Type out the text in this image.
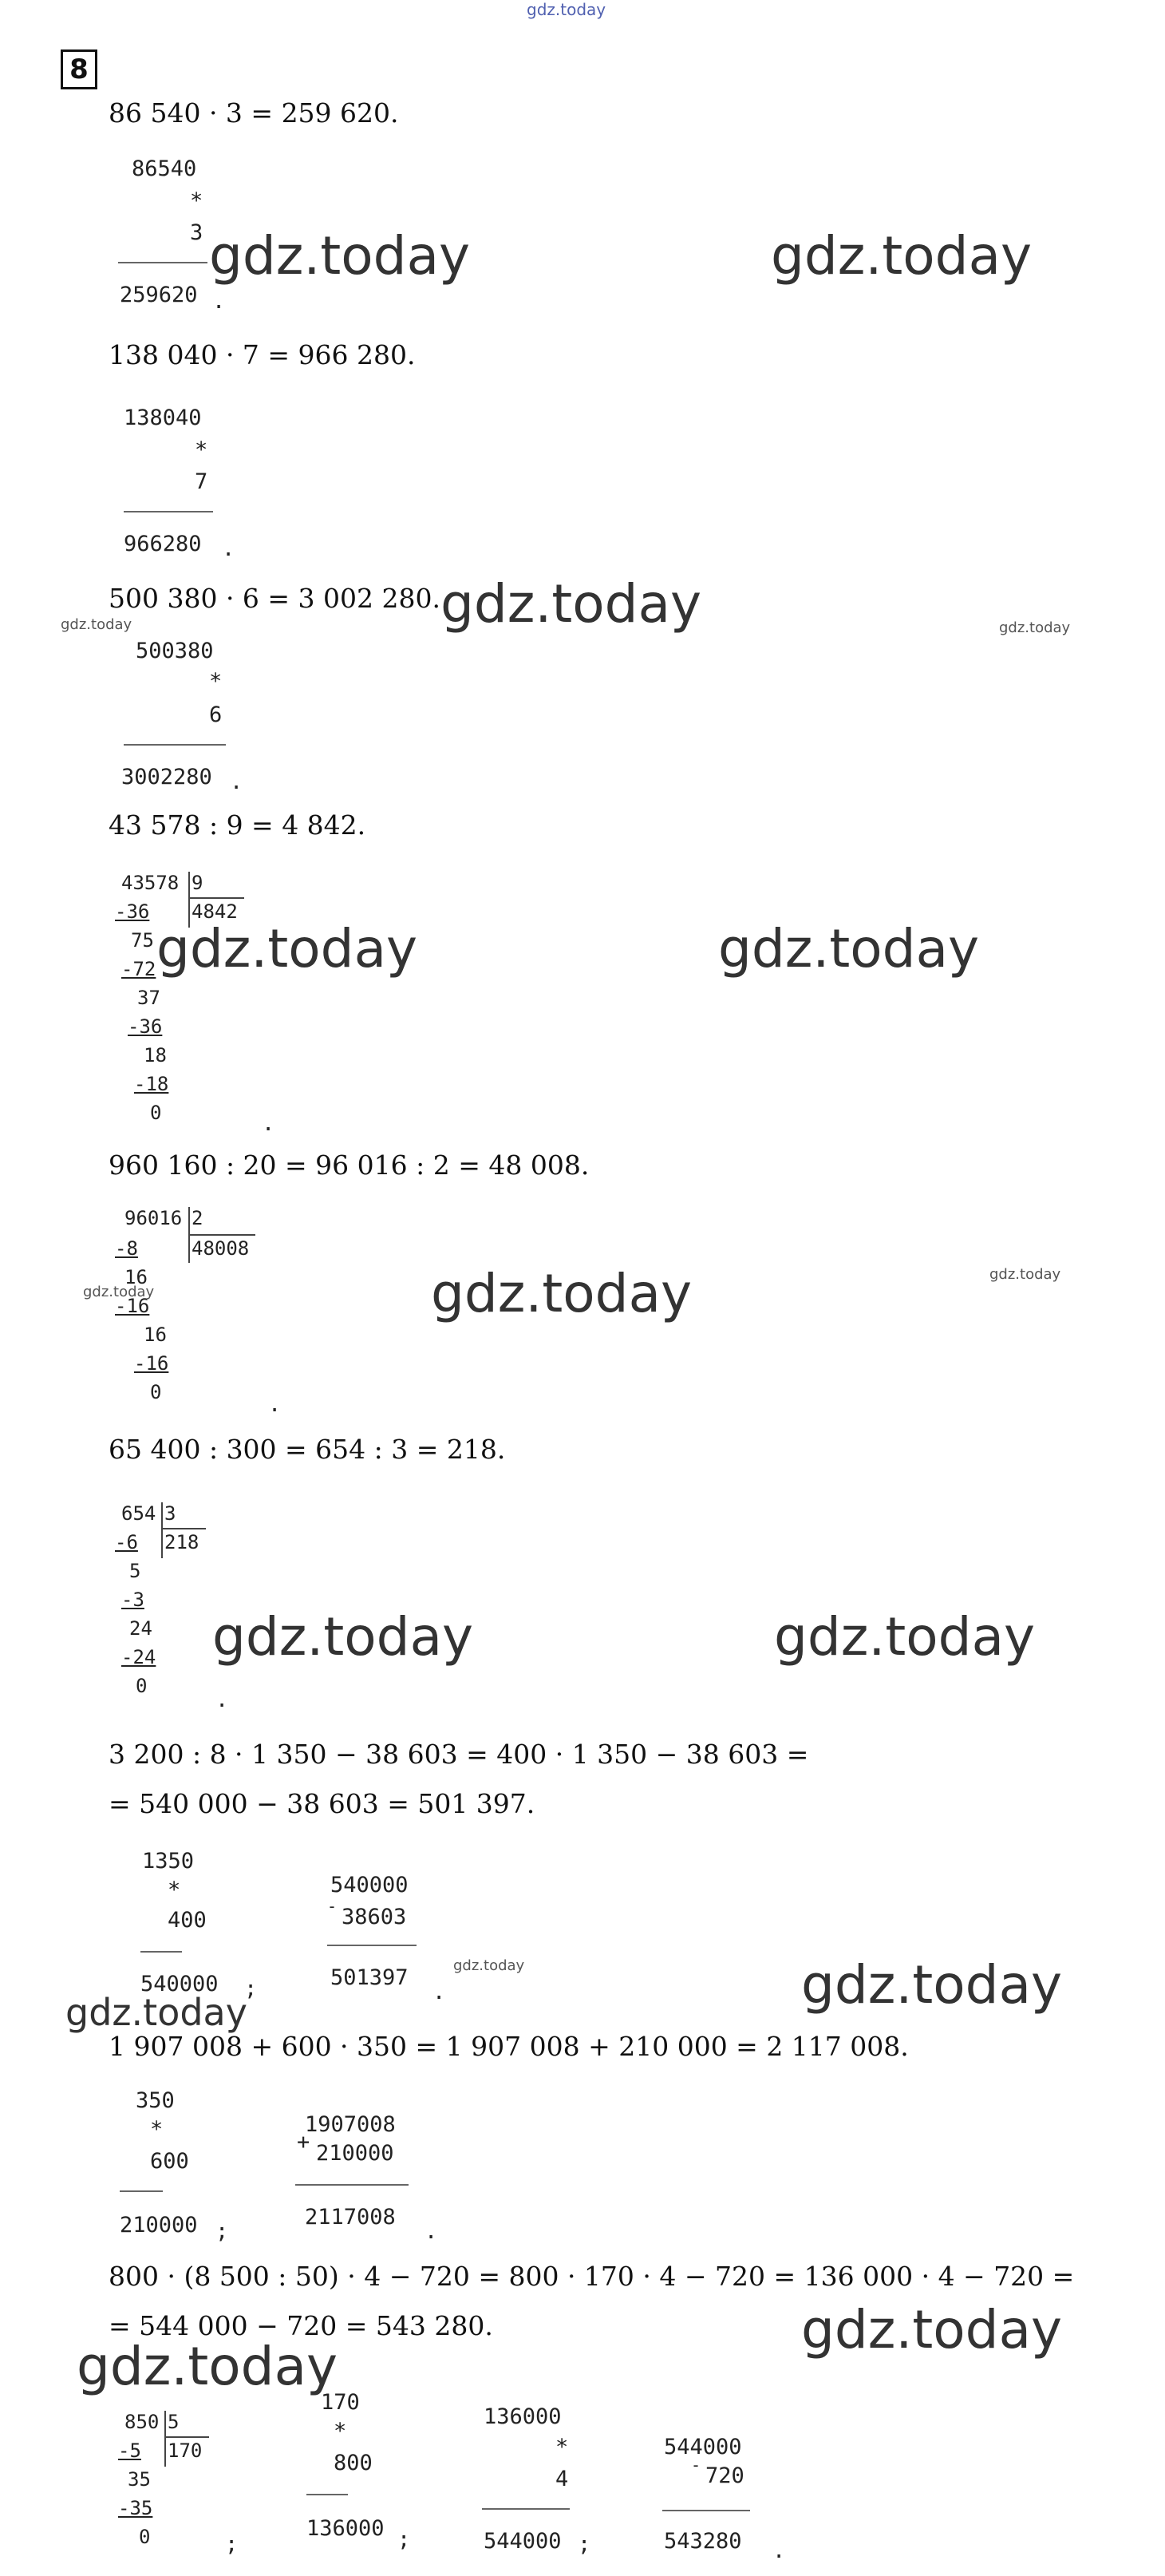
gdz.today
8
86 540 · 3 = 259 620.
86540
*
3
259620 .
gdz.today	gdz.today
138 040 · 7 = 966 280.
138040
*
7
966280 .
500 380 · 6 = 3 002 280. gdz.today
gdz.today	gdz.today
500380
*
6
3002280 .
43 578 : 9 = 4 842.
43578 9
4842
-36
75
-72
37
-36
18
-18
0	.
gdz.today	gdz.today
960 160 : 20 = 96 016 : 2 = 48 008.
96016 2
48008
-8
16
-16
16
-16
0	.
gdz.today	gdz.today	gdz.today
65 400 : 300 = 654 : 3 = 218.
654 3
218
-6
5
-3
24
-24
0
.
gdz.today	gdz.today
3 200 : 8 · 1 350 − 38 603 = 400 · 1 350 − 38 603 =
= 540 000 − 38 603 = 501 397.
1350
*
400
540000 ;
540000
- 38603
501397
.
gdz.today	gdz.today
gdz.today
1 907 008 + 600 · 350 = 1 907 008 + 210 000 = 2 117 008.
350
*
600
210000 ;
1907008
+ 210000
2117008
.
800 · (8 500 : 50) · 4 − 720 = 800 · 170 · 4 − 720 = 136 000 · 4 − 720 =
= 544 000 − 720 = 543 280.	gdz.today
gdz.today
850 5
170
-5
35
-35
0	;
170
*
800
136000 ;
136000
*
4
544000 ;
544000
- 720
543280 .
